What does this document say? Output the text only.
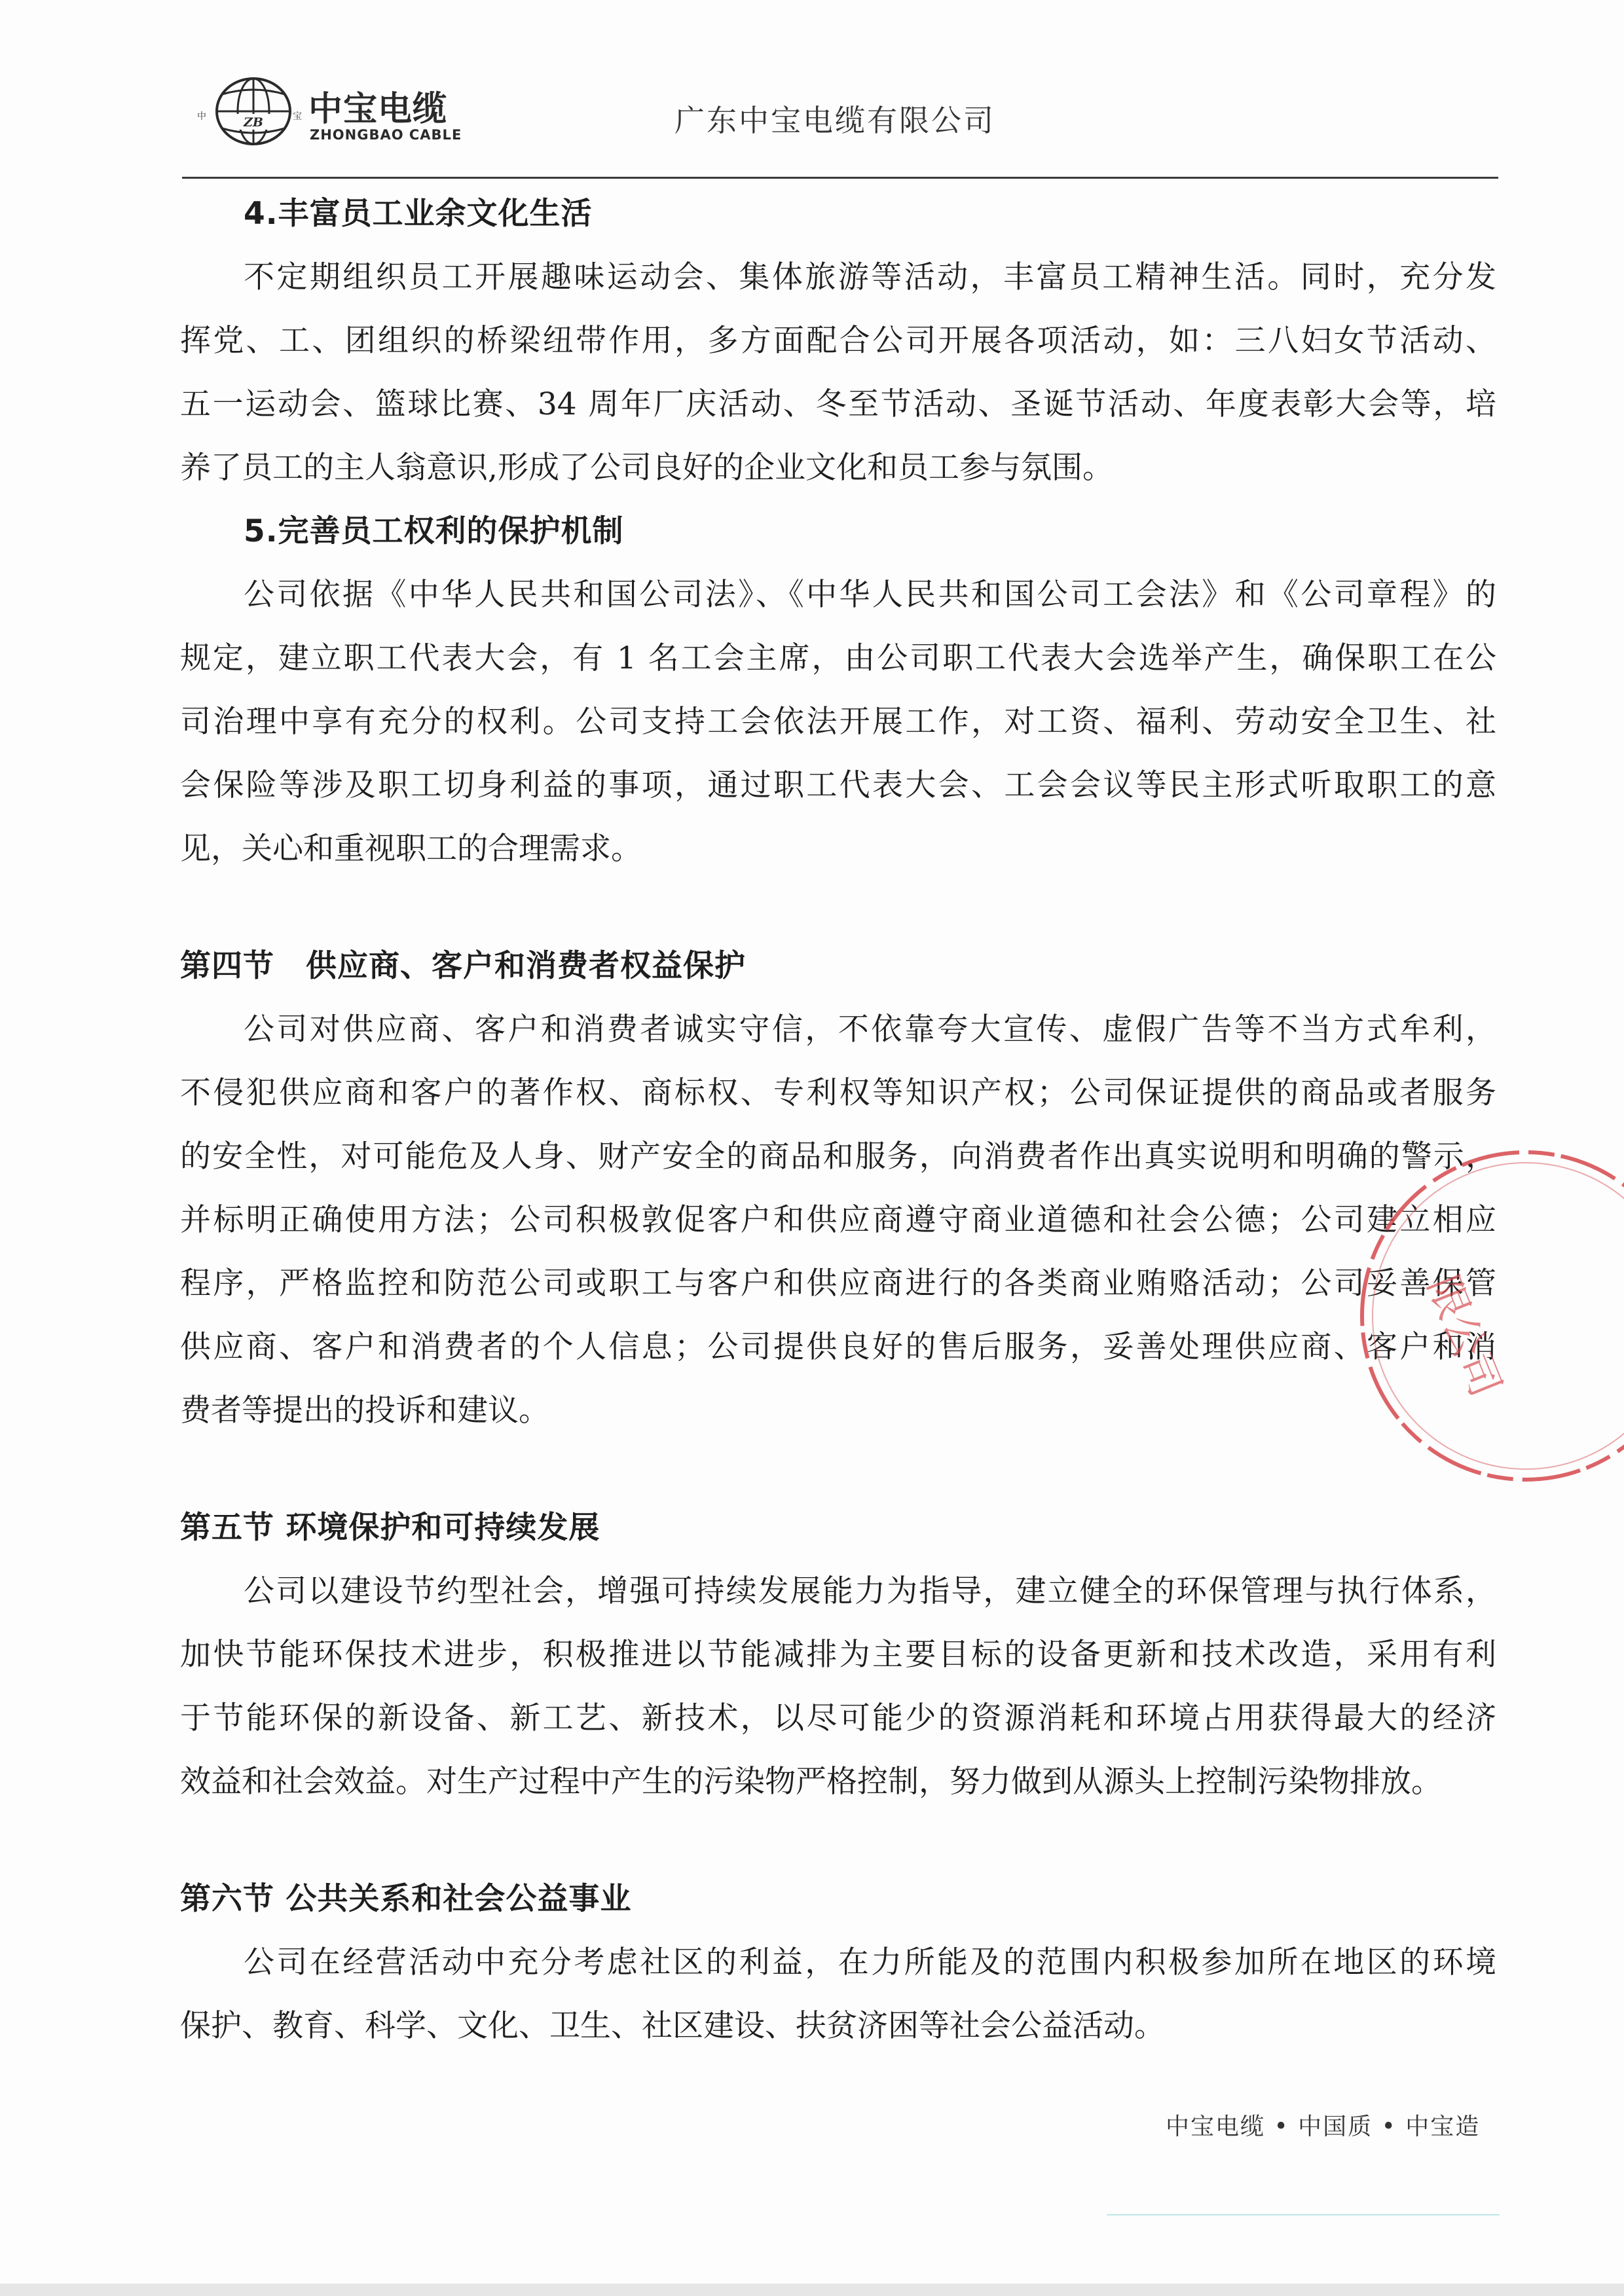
中	ZB	宝 中宝电缆
ZHONGBAO CABLE	广东中宝电缆有限公司
4.丰富员工业余文化生活

不定期组织员工开展趣味运动会、集体旅游等活动，丰富员工精神生活。同时，充分发

挥党、工、团组织的桥梁纽带作用，多方面配合公司开展各项活动，如：三八妇女节活动、

五一运动会、篮球比赛、34 周年厂庆活动、冬至节活动、圣诞节活动、年度表彰大会等，培

养了员工的主人翁意识,形成了公司良好的企业文化和员工参与氛围。

5.完善员工权利的保护机制

公司依据《中华人民共和国公司法》、《中华人民共和国公司工会法》和《公司章程》的

规定，建立职工代表大会，有 1 名工会主席，由公司职工代表大会选举产生，确保职工在公

司治理中享有充分的权利。公司支持工会依法开展工作，对工资、福利、劳动安全卫生、社

会保险等涉及职工切身利益的事项，通过职工代表大会、工会会议等民主形式听取职工的意

见，关心和重视职工的合理需求。

第四节　供应商、客户和消费者权益保护

公司对供应商、客户和消费者诚实守信，不依靠夸大宣传、虚假广告等不当方式牟利，

不侵犯供应商和客户的著作权、商标权、专利权等知识产权；公司保证提供的商品或者服务

的安全性，对可能危及人身、财产安全的商品和服务，向消费者作出真实说明和明确的警示，

并标明正确使用方法；公司积极敦促客户和供应商遵守商业道德和社会公德；公司建立相应

程序，严格监控和防范公司或职工与客户和供应商进行的各类商业贿赂活动；公司妥善保管

供应商、客户和消费者的个人信息；公司提供良好的售后服务，妥善处理供应商、客户和消

费者等提出的投诉和建议。

第五节 环境保护和可持续发展

公司以建设节约型社会，增强可持续发展能力为指导，建立健全的环保管理与执行体系，

加快节能环保技术进步，积极推进以节能减排为主要目标的设备更新和技术改造，采用有利

于节能环保的新设备、新工艺、新技术，以尽可能少的资源消耗和环境占用获得最大的经济

效益和社会效益。对生产过程中产生的污染物严格控制，努力做到从源头上控制污染物排放。

第六节 公共关系和社会公益事业

公司在经营活动中充分考虑社区的利益，在力所能及的范围内积极参加所在地区的环境

保护、教育、科学、文化、卫生、社区建设、扶贫济困等社会公益活动。

限公司
中宝电缆 • 中国质 • 中宝造
